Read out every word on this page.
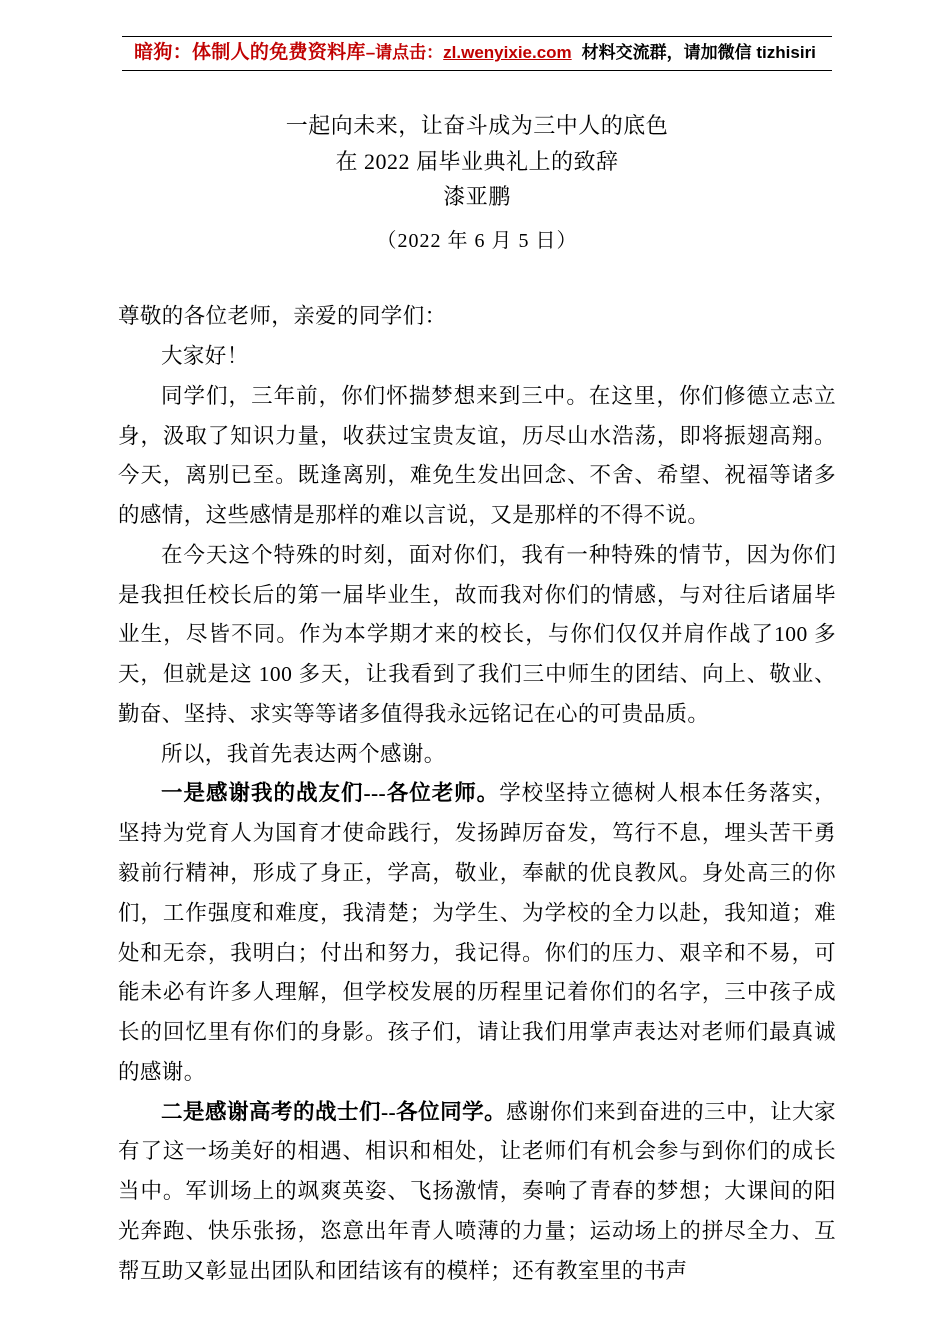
暗狗：体制人的免费资料库–请点击：zl.wenyixie.com 材料交流群，请加微信 tizhisiri
一起向未来，让奋斗成为三中人的底色
在 2022 届毕业典礼上的致辞
漆亚鹏
（2022 年 6 月 5 日）
尊敬的各位老师，亲爱的同学们：

大家好！

同学们，三年前，你们怀揣梦想来到三中。在这里，你们修德立志立身，汲取了知识力量，收获过宝贵友谊，历尽山水浩荡，即将振翅高翔。今天，离别已至。既逢离别，难免生发出回念、不舍、希望、祝福等诸多的感情，这些感情是那样的难以言说，又是那样的不得不说。

在今天这个特殊的时刻，面对你们，我有一种特殊的情节，因为你们是我担任校长后的第一届毕业生，故而我对你们的情感，与对往后诸届毕业生，尽皆不同。作为本学期才来的校长，与你们仅仅并肩作战了100 多天，但就是这 100 多天，让我看到了我们三中师生的团结、向上、敬业、勤奋、坚持、求实等等诸多值得我永远铭记在心的可贵品质。

所以，我首先表达两个感谢。

一是感谢我的战友们---各位老师。学校坚持立德树人根本任务落实，坚持为党育人为国育才使命践行，发扬踔厉奋发，笃行不息，埋头苦干勇毅前行精神，形成了身正，学高，敬业，奉献的优良教风。身处高三的你们，工作强度和难度，我清楚；为学生、为学校的全力以赴，我知道；难处和无奈，我明白；付出和努力，我记得。你们的压力、艰辛和不易，可能未必有许多人理解，但学校发展的历程里记着你们的名字，三中孩子成长的回忆里有你们的身影。孩子们，请让我们用掌声表达对老师们最真诚的感谢。

二是感谢高考的战士们--各位同学。感谢你们来到奋进的三中，让大家有了这一场美好的相遇、相识和相处，让老师们有机会参与到你们的成长当中。军训场上的飒爽英姿、飞扬激情，奏响了青春的梦想；大课间的阳光奔跑、快乐张扬，恣意出年青人喷薄的力量；运动场上的拼尽全力、互帮互助又彰显出团队和团结该有的模样；还有教室里的书声
